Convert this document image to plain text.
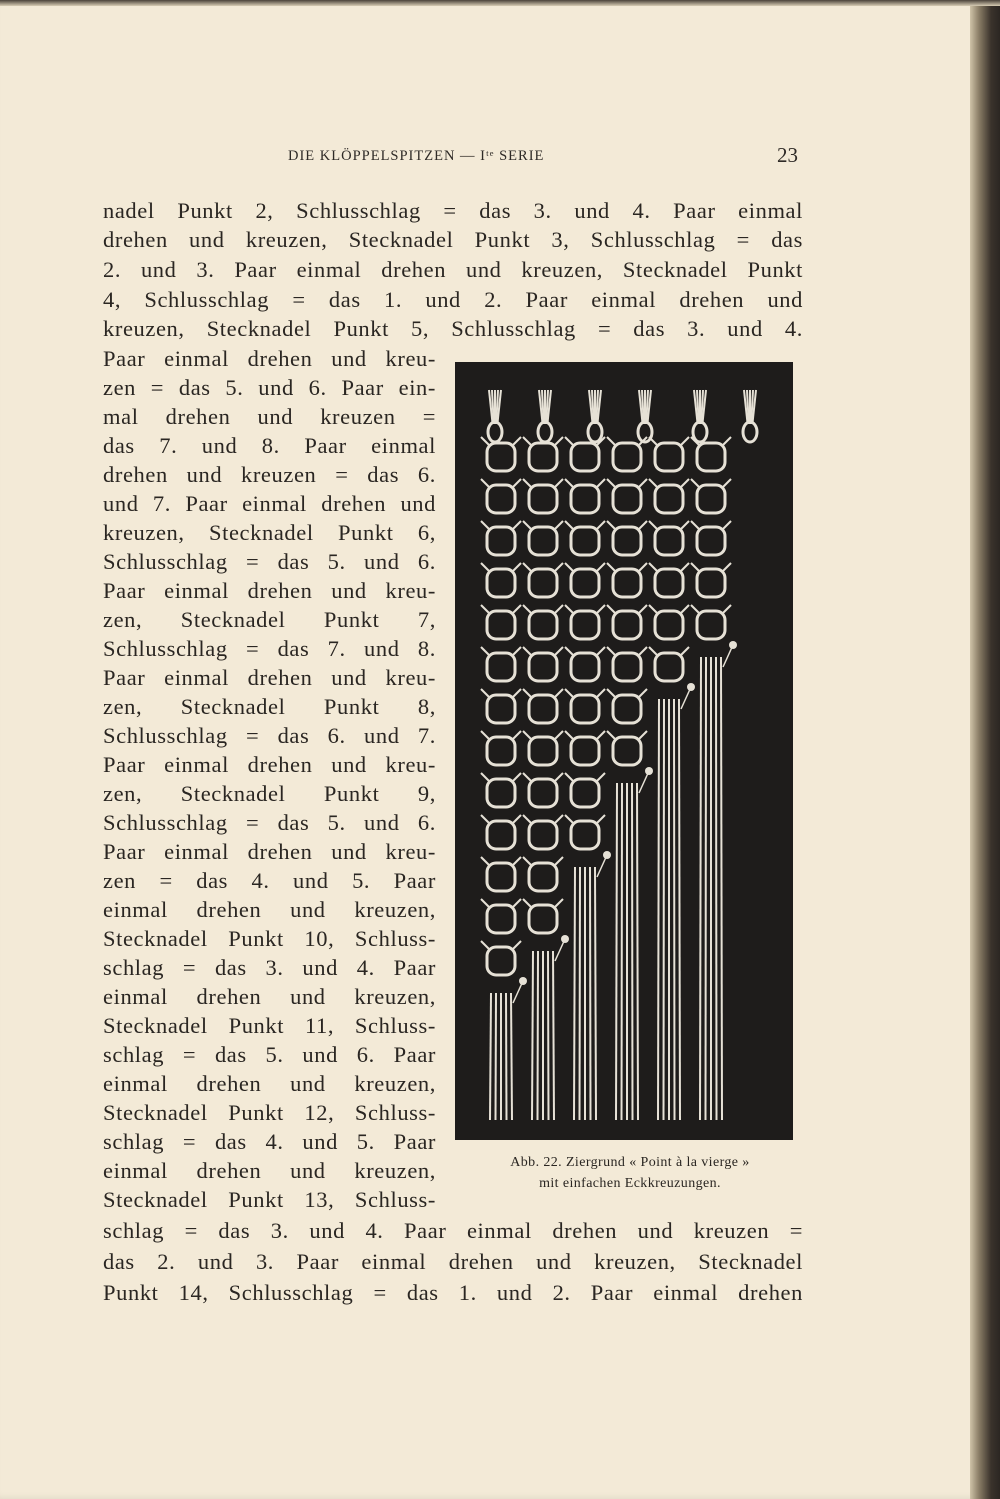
DIE KLÖPPELSPITZEN — Iᵗᵉ SERIE	23
nadel Punkt 2, Schlusschlag = das 3. und 4. Paar einmal
drehen und kreuzen, Stecknadel Punkt 3, Schlusschlag = das
2. und 3. Paar einmal drehen und kreuzen, Stecknadel Punkt
4, Schlusschlag = das 1. und 2. Paar einmal drehen und
kreuzen, Stecknadel Punkt 5, Schlusschlag = das 3. und 4.
Paar einmal drehen und kreu-
zen = das 5. und 6. Paar ein-
mal drehen und kreuzen =
das 7. und 8. Paar einmal
drehen und kreuzen = das 6.
und 7. Paar einmal drehen und
kreuzen, Stecknadel Punkt 6,
Schlusschlag = das 5. und 6.
Paar einmal drehen und kreu-
zen, Stecknadel Punkt 7,
Schlusschlag = das 7. und 8.
Paar einmal drehen und kreu-
zen, Stecknadel Punkt 8,
Schlusschlag = das 6. und 7.
Paar einmal drehen und kreu-
zen, Stecknadel Punkt 9,
Schlusschlag = das 5. und 6.
Paar einmal drehen und kreu-
zen = das 4. und 5. Paar
einmal drehen und kreuzen,
Stecknadel Punkt 10, Schluss-
schlag = das 3. und 4. Paar
einmal drehen und kreuzen,
Stecknadel Punkt 11, Schluss-
schlag = das 5. und 6. Paar
einmal drehen und kreuzen,
Stecknadel Punkt 12, Schluss-
schlag = das 4. und 5. Paar
einmal drehen und kreuzen,
Stecknadel Punkt 13, Schluss-
schlag = das 3. und 4. Paar einmal drehen und kreuzen =
das 2. und 3. Paar einmal drehen und kreuzen, Stecknadel
Punkt 14, Schlusschlag = das 1. und 2. Paar einmal drehen
Abb. 22. Ziergrund « Point à la vierge »
mit einfachen Eckkreuzungen.
